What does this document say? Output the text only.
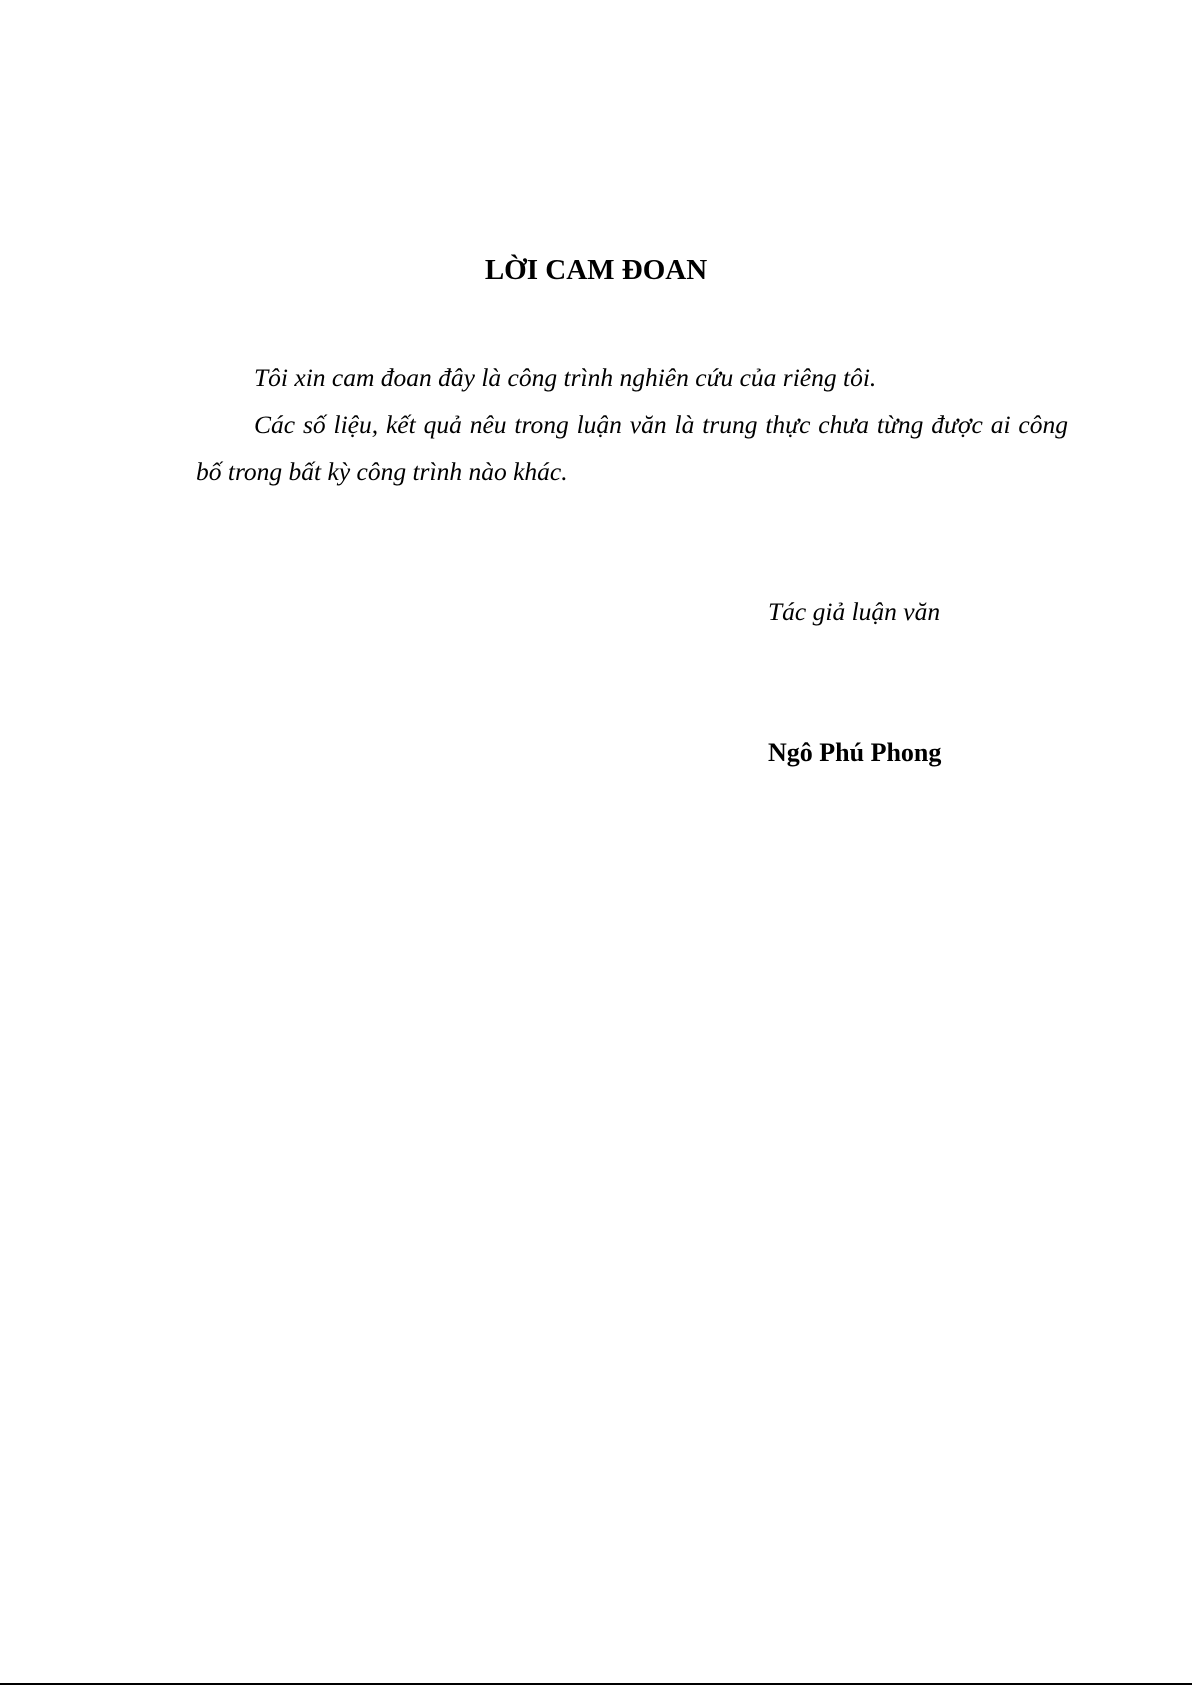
LỜI CAM ĐOAN

Tôi xin cam đoan đây là công trình nghiên cứu của riêng tôi.

Các số liệu, kết quả nêu trong luận văn là trung thực chưa từng được ai công bố trong bất kỳ công trình nào khác.

Tác giả luận văn
Ngô Phú Phong
